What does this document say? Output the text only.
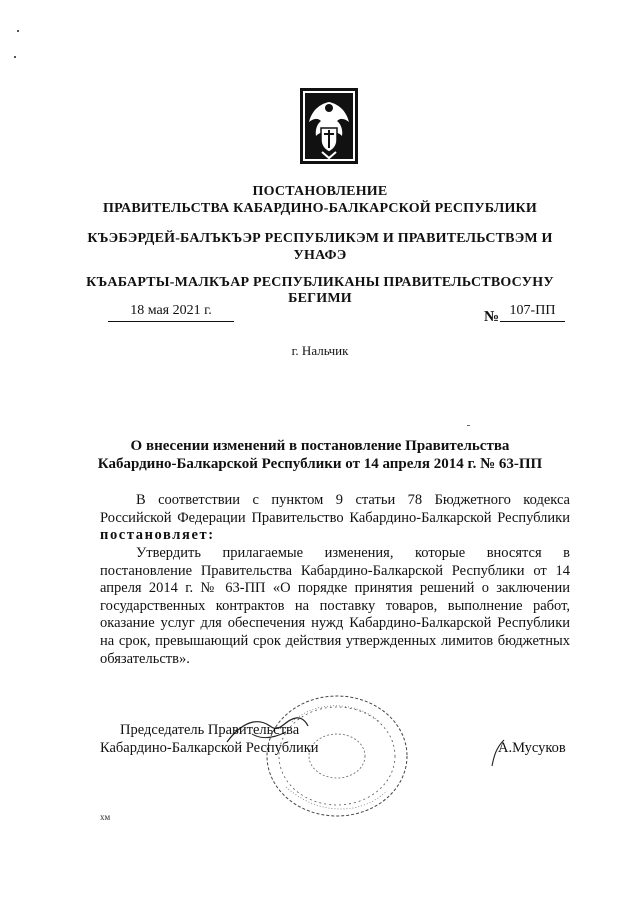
ПОСТАНОВЛЕНИЕ
ПРАВИТЕЛЬСТВА КАБАРДИНО-БАЛКАРСКОЙ РЕСПУБЛИКИ
КЪЭБЭРДЕЙ-БАЛЪКЪЭР РЕСПУБЛИКЭМ И ПРАВИТЕЛЬСТВЭМ И
УНАФЭ
КЪАБАРТЫ-МАЛКЪАР РЕСПУБЛИКАНЫ ПРАВИТЕЛЬСТВОСУНУ
БЕГИМИ
18 мая 2021 г.	№ 107-ПП
г. Нальчик
О внесении изменений в постановление Правительства
Кабардино-Балкарской Республики от 14 апреля 2014 г. № 63-ПП
В соответствии с пунктом 9 статьи 78 Бюджетного кодекса Российской Федерации Правительство Кабардино-Балкарской Республики постановляет:
Утвердить прилагаемые изменения, которые вносятся в постановление Правительства Кабардино-Балкарской Республики от 14 апреля 2014 г. № 63-ПП «О порядке принятия решений о заключении государственных контрактов на поставку товаров, выполнение работ, оказание услуг для обеспечения нужд Кабардино-Балкарской Республики на срок, превышающий срок действия утвержденных лимитов бюджетных обязательств».
Председатель Правительства
Кабардино-Балкарской Республики	А.Мусуков
хм
